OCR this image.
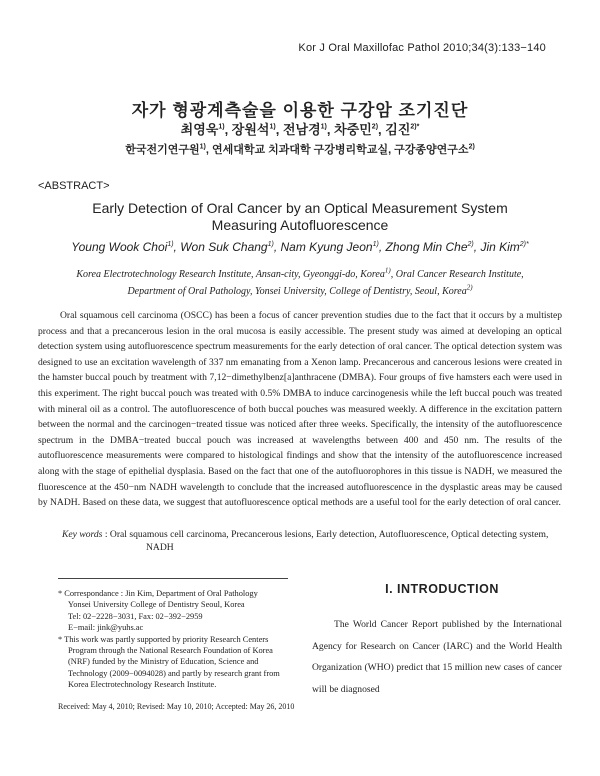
Kor J Oral Maxillofac Pathol 2010;34(3):133−140
자가 형광계측술을 이용한 구강암 조기진단
최영욱$^{1)}$, 장원석$^{1)}$, 전남경$^{1)}$, 차중민$^{2)}$, 김진$^{2)*}$
한국전기연구원$^{1)}$, 연세대학교 치과대학 구강병리학교실, 구강종양연구소$^{2)}$
<ABSTRACT>
Early Detection of Oral Cancer by an Optical Measurement System
Measuring Autofluorescence
Young Wook Choi$^{1)}$, Won Suk Chang$^{1)}$, Nam Kyung Jeon$^{1)}$, Zhong Min Che$^{2)}$, Jin Kim$^{2)*}$
Korea Electrotechnology Research Institute, Ansan-city, Gyeonggi-do, Korea$^{1)}$, Oral Cancer Research Institute, Department of Oral Pathology, Yonsei University, College of Dentistry, Seoul, Korea$^{2)}$
Oral squamous cell carcinoma (OSCC) has been a focus of cancer prevention studies due to the fact that it occurs by a multistep process and that a precancerous lesion in the oral mucosa is easily accessible. The present study was aimed at developing an optical detection system using autofluorescence spectrum measurements for the early detection of oral cancer. The optical detection system was designed to use an excitation wavelength of 337 nm emanating from a Xenon lamp. Precancerous and cancerous lesions were created in the hamster buccal pouch by treatment with 7,12−dimethylbenz[a]anthracene (DMBA). Four groups of five hamsters each were used in this experiment. The right buccal pouch was treated with 0.5% DMBA to induce carcinogenesis while the left buccal pouch was treated with mineral oil as a control. The autofluorescence of both buccal pouches was measured weekly. A difference in the excitation pattern between the normal and the carcinogen−treated tissue was noticed after three weeks. Specifically, the intensity of the autofluorescence spectrum in the DMBA−treated buccal pouch was increased at wavelengths between 400 and 450 nm. The results of the autofluorescence measurements were compared to histological findings and show that the intensity of the autofluorescence increased along with the stage of epithelial dysplasia. Based on the fact that one of the autofluorophores in this tissue is NADH, we measured the fluorescence at the 450−nm NADH wavelength to conclude that the increased autofluorescence in the dysplastic areas may be caused by NADH. Based on these data, we suggest that autofluorescence optical methods are a useful tool for the early detection of oral cancer.
Key words : Oral squamous cell carcinoma, Precancerous lesions, Early detection, Autofluorescence, Optical detecting system, NADH

* Correspondance : Jin Kim, Department of Oral Pathology

Yonsei University College of Dentistry Seoul, Korea

Tel: 02−2228−3031, Fax: 02−392−2959

E−mail: jink@yuhs.ac

* This work was partly supported by priority Research Centers Program through the National Research Foundation of Korea (NRF) funded by the Ministry of Education, Science and Technology (2009−0094028) and partly by research grant from Korea Electrotechnology Research Institute.

Received: May 4, 2010; Revised: May 10, 2010; Accepted: May 26, 2010
I. INTRODUCTION
The World Cancer Report published by the International Agency for Research on Cancer (IARC) and the World Health Organization (WHO) predict that 15 million new cases of cancer will be diagnosed
